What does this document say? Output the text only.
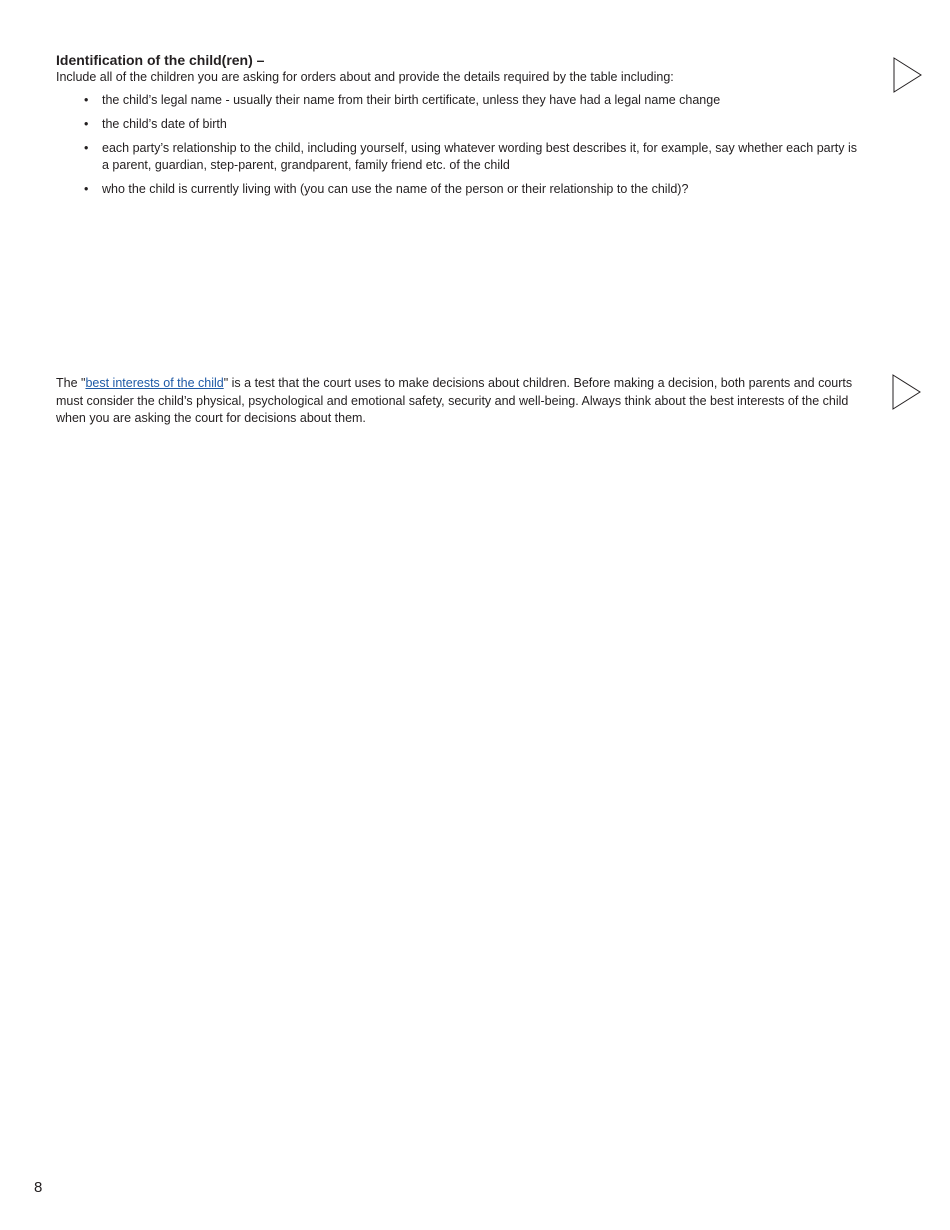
Identification of the child(ren) –

Include all of the children you are asking for orders about and provide the details required by the table including:

• the child’s legal name - usually their name from their birth certificate, unless they have had a legal name change
• the child’s date of birth
• each party’s relationship to the child, including yourself, using whatever wording best describes it, for example, say whether each party is a parent, guardian, step-parent, grandparent, family friend etc. of the child
• who the child is currently living with (you can use the name of the person or their relationship to the child)?

The "best interests of the child" is a test that the court uses to make decisions about children. Before making a decision, both parents and courts must consider the child’s physical, psychological and emotional safety, security and well-being. Always think about the best interests of the child when you are asking the court for decisions about them.

8
